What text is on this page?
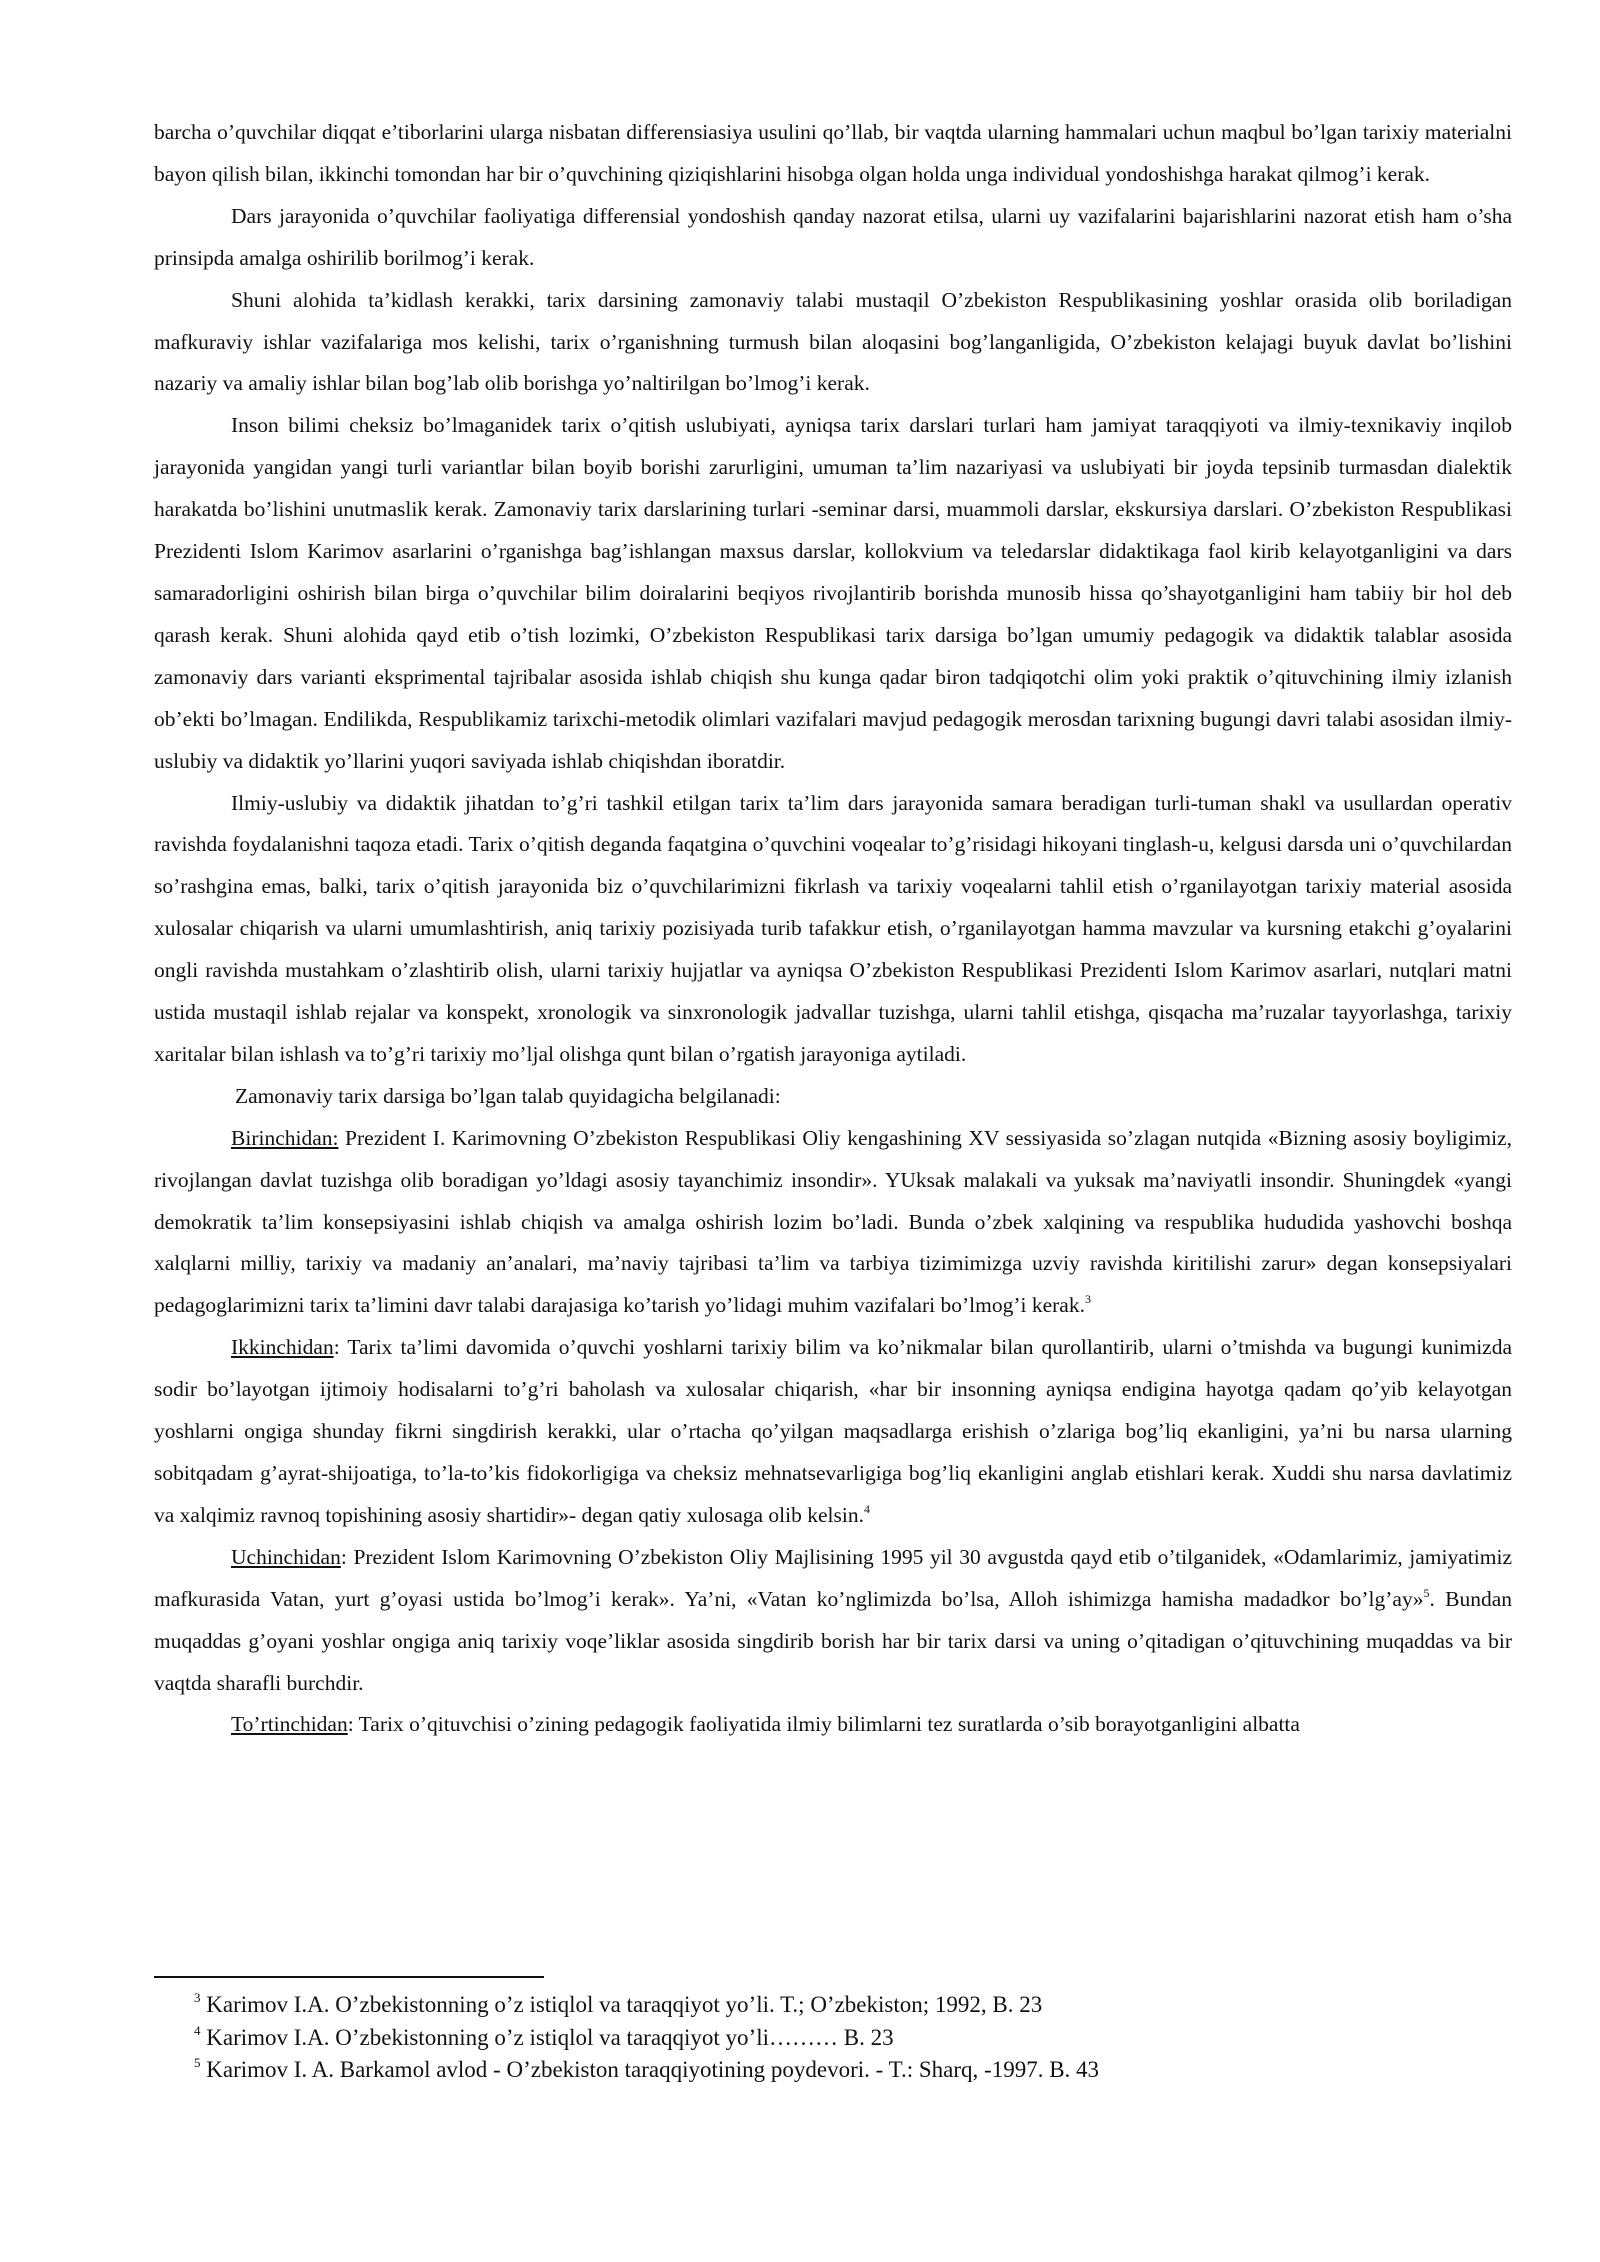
barcha o’quvchilar diqqat e’tiborlarini ularga nisbatan differensiasiya usulini qo’llab, bir vaqtda ularning hammalari uchun maqbul bo’lgan tarixiy materialni bayon qilish bilan, ikkinchi tomondan har bir o’quvchining qiziqishlarini hisobga olgan holda unga individual yondoshishga harakat qilmog’i kerak.

Dars jarayonida o’quvchilar faoliyatiga differensial yondoshish qanday nazorat etilsa, ularni uy vazifalarini bajarishlarini nazorat etish ham o’sha prinsipda amalga oshirilib borilmog’i kerak.

Shuni alohida ta’kidlash kerakki, tarix darsining zamonaviy talabi mustaqil O’zbekiston Respublikasining yoshlar orasida olib boriladigan mafkuraviy ishlar vazifalariga mos kelishi, tarix o’rganishning turmush bilan aloqasini bog’langanligida, O’zbekiston kelajagi buyuk davlat bo’lishini nazariy va amaliy ishlar bilan bog’lab olib borishga yo’naltirilgan bo’lmog’i kerak.

Inson bilimi cheksiz bo’lmaganidek tarix o’qitish uslubiyati, ayniqsa tarix darslari turlari ham jamiyat taraqqiyoti va ilmiy-texnikaviy inqilob jarayonida yangidan yangi turli variantlar bilan boyib borishi zarurligini, umuman ta’lim nazariyasi va uslubiyati bir joyda tepsinib turmasdan dialektik harakatda bo’lishini unutmaslik kerak. Zamonaviy tarix darslarining turlari -seminar darsi, muammoli darslar, ekskursiya darslari. O’zbekiston Respublikasi Prezidenti Islom Karimov asarlarini o’rganishga bag’ishlangan maxsus darslar, kollokvium va teledarslar didaktikaga faol kirib kelayotganligini va dars samaradorligini oshirish bilan birga o’quvchilar bilim doiralarini beqiyos rivojlantirib borishda munosib hissa qo’shayotganligini ham tabiiy bir hol deb qarash kerak. Shuni alohida qayd etib o’tish lozimki, O’zbekiston Respublikasi tarix darsiga bo’lgan umumiy pedagogik va didaktik talablar asosida zamonaviy dars varianti eksprimental tajribalar asosida ishlab chiqish shu kunga qadar biron tadqiqotchi olim yoki praktik o’qituvchining ilmiy izlanish ob’ekti bo’lmagan. Endilikda, Respublikamiz tarixchi-metodik olimlari vazifalari mavjud pedagogik merosdan tarixning bugungi davri talabi asosidan ilmiy-uslubiy va didaktik yo’llarini yuqori saviyada ishlab chiqishdan iboratdir.

Ilmiy-uslubiy va didaktik jihatdan to’g’ri tashkil etilgan tarix ta’lim dars jarayonida samara beradigan turli-tuman shakl va usullardan operativ ravishda foydalanishni taqoza etadi. Tarix o’qitish deganda faqatgina o’quvchini voqealar to’g’risidagi hikoyani tinglash-u, kelgusi darsda uni o’quvchilardan so’rashgina emas, balki, tarix o’qitish jarayonida biz o’quvchilarimizni fikrlash va tarixiy voqealarni tahlil etish o’rganilayotgan tarixiy material asosida xulosalar chiqarish va ularni umumlashtirish, aniq tarixiy pozisiyada turib tafakkur etish, o’rganilayotgan hamma mavzular va kursning etakchi g’oyalarini ongli ravishda mustahkam o’zlashtirib olish, ularni tarixiy hujjatlar va ayniqsa O’zbekiston Respublikasi Prezidenti Islom Karimov asarlari, nutqlari matni ustida mustaqil ishlab rejalar va konspekt, xronologik va sinxronologik jadvallar tuzishga, ularni tahlil etishga, qisqacha ma’ruzalar tayyorlashga, tarixiy xaritalar bilan ishlash va to’g’ri tarixiy mo’ljal olishga qunt bilan o’rgatish jarayoniga aytiladi.

Zamonaviy tarix darsiga bo’lgan talab quyidagicha belgilanadi:

Birinchidan: Prezident I. Karimovning O’zbekiston Respublikasi Oliy kengashining XV sessiyasida so’zlagan nutqida «Bizning asosiy boyligimiz, rivojlangan davlat tuzishga olib boradigan yo’ldagi asosiy tayanchimiz insondir». YUksak malakali va yuksak ma’naviyatli insondir. Shuningdek «yangi demokratik ta’lim konsepsiyasini ishlab chiqish va amalga oshirish lozim bo’ladi. Bunda o’zbek xalqining va respublika hududida yashovchi boshqa xalqlarni milliy, tarixiy va madaniy an’analari, ma’naviy tajribasi ta’lim va tarbiya tizimimizga uzviy ravishda kiritilishi zarur» degan konsepsiyalari pedagoglarimizni tarix ta’limini davr talabi darajasiga ko’tarish yo’lidagi muhim vazifalari bo’lmog’i kerak.$^3$

Ikkinchidan: Tarix ta’limi davomida o’quvchi yoshlarni tarixiy bilim va ko’nikmalar bilan qurollantirib, ularni o’tmishda va bugungi kunimizda sodir bo’layotgan ijtimoiy hodisalarni to’g’ri baholash va xulosalar chiqarish, «har bir insonning ayniqsa endigina hayotga qadam qo’yib kelayotgan yoshlarni ongiga shunday fikrni singdirish kerakki, ular o’rtacha qo’yilgan maqsadlarga erishish o’zlariga bog’liq ekanligini, ya’ni bu narsa ularning sobitqadam g’ayrat-shijoatiga, to’la-to’kis fidokorligiga va cheksiz mehnatsevarligiga bog’liq ekanligini anglab etishlari kerak. Xuddi shu narsa davlatimiz va xalqimiz ravnoq topishining asosiy shartidir»- degan qatiy xulosaga olib kelsin.$^4$

Uchinchidan: Prezident Islom Karimovning O’zbekiston Oliy Majlisining 1995 yil 30 avgustda qayd etib o’tilganidek, «Odamlarimiz, jamiyatimiz mafkurasida Vatan, yurt g’oyasi ustida bo’lmog’i kerak». Ya’ni, «Vatan ko’nglimizda bo’lsa, Alloh ishimizga hamisha madadkor bo’lg’ay»$^5$. Bundan muqaddas g’oyani yoshlar ongiga aniq tarixiy voqe’liklar asosida singdirib borish har bir tarix darsi va uning o’qitadigan o’qituvchining muqaddas va bir vaqtda sharafli burchdir.

To’rtinchidan: Tarix o’qituvchisi o’zining pedagogik faoliyatida ilmiy bilimlarni tez suratlarda o’sib borayotganligini albatta

$^3$ Karimov I.A. O’zbekistonning o’z istiqlol va taraqqiyot yo’li. T.; O’zbekiston; 1992, B. 23

$^4$ Karimov I.A. O’zbekistonning o’z istiqlol va taraqqiyot yo’li……… B. 23

$^5$ Karimov I. A. Barkamol avlod - O’zbekiston taraqqiyotining poydevori. - T.: Sharq, -1997. B. 43
